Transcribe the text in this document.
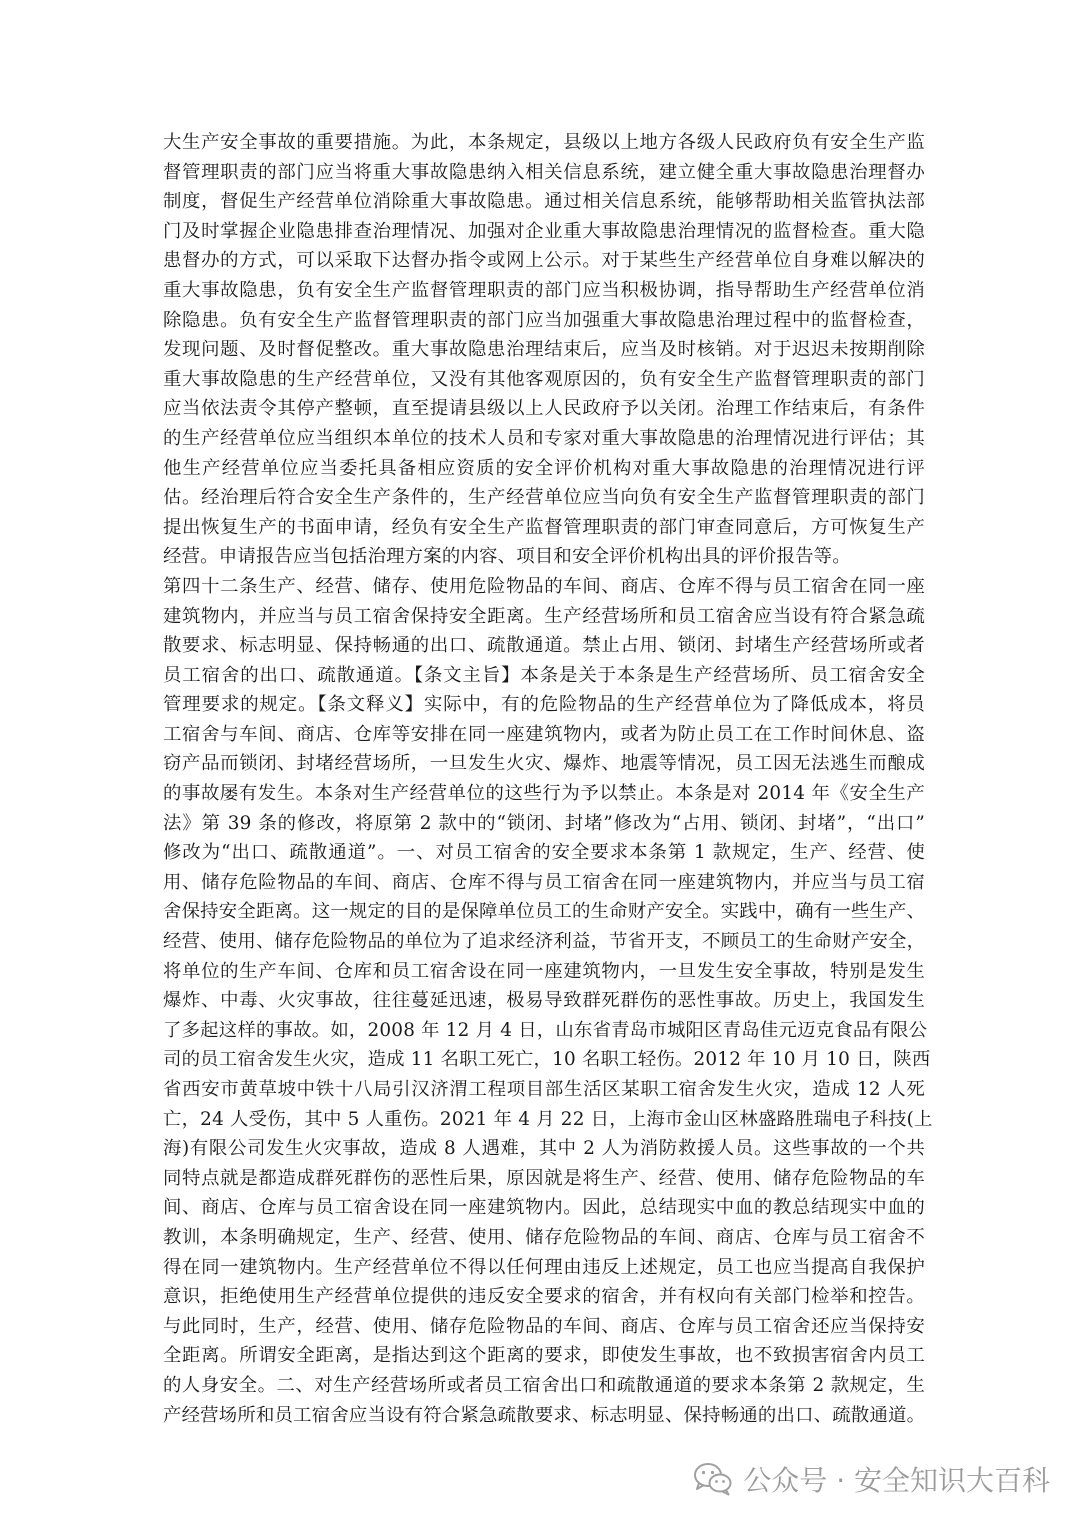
大生产安全事故的重要措施。为此，本条规定，县级以上地方各级人民政府负有安全生产监
督管理职责的部门应当将重大事故隐患纳入相关信息系统，建立健全重大事故隐患治理督办
制度，督促生产经营单位消除重大事故隐患。通过相关信息系统，能够帮助相关监管执法部
门及时掌握企业隐患排查治理情况、加强对企业重大事故隐患治理情况的监督检查。重大隐
患督办的方式，可以采取下达督办指令或网上公示。对于某些生产经营单位自身难以解决的
重大事故隐患，负有安全生产监督管理职责的部门应当积极协调，指导帮助生产经营单位消
除隐患。负有安全生产监督管理职责的部门应当加强重大事故隐患治理过程中的监督检查，
发现问题、及时督促整改。重大事故隐患治理结束后，应当及时核销。对于迟迟未按期削除
重大事故隐患的生产经营单位，又没有其他客观原因的，负有安全生产监督管理职责的部门
应当依法责令其停产整顿，直至提请县级以上人民政府予以关闭。治理工作结束后，有条件
的生产经营单位应当组织本单位的技术人员和专家对重大事故隐患的治理情况进行评估；其
他生产经营单位应当委托具备相应资质的安全评价机构对重大事故隐患的治理情况进行评
估。经治理后符合安全生产条件的，生产经营单位应当向负有安全生产监督管理职责的部门
提出恢复生产的书面申请，经负有安全生产监督管理职责的部门审查同意后，方可恢复生产
经营。申请报告应当包括治理方案的内容、项目和安全评价机构出具的评价报告等。
第四十二条生产、经营、储存、使用危险物品的车间、商店、仓库不得与员工宿舍在同一座
建筑物内，并应当与员工宿舍保持安全距离。生产经营场所和员工宿舍应当设有符合紧急疏
散要求、标志明显、保持畅通的出口、疏散通道。禁止占用、锁闭、封堵生产经营场所或者
员工宿舍的出口、疏散通道。【条文主旨】本条是关于本条是生产经营场所、员工宿舍安全
管理要求的规定。【条文释义】实际中，有的危险物品的生产经营单位为了降低成本，将员
工宿舍与车间、商店、仓库等安排在同一座建筑物内，或者为防止员工在工作时间休息、盗
窃产品而锁闭、封堵经营场所，一旦发生火灾、爆炸、地震等情况，员工因无法逃生而酿成
的事故屡有发生。本条对生产经营单位的这些行为予以禁止。本条是对 2014 年《安全生产
法》第 39 条的修改，将原第 2 款中的“锁闭、封堵”修改为“占用、锁闭、封堵”，“出口”
修改为“出口、疏散通道”。一、对员工宿舍的安全要求本条第 1 款规定，生产、经营、使
用、储存危险物品的车间、商店、仓库不得与员工宿舍在同一座建筑物内，并应当与员工宿
舍保持安全距离。这一规定的目的是保障单位员工的生命财产安全。实践中，确有一些生产、
经营、使用、储存危险物品的单位为了追求经济利益，节省开支，不顾员工的生命财产安全，
将单位的生产车间、仓库和员工宿舍设在同一座建筑物内，一旦发生安全事故，特别是发生
爆炸、中毒、火灾事故，往往蔓延迅速，极易导致群死群伤的恶性事故。历史上，我国发生
了多起这样的事故。如，2008 年 12 月 4 日，山东省青岛市城阳区青岛佳元迈克食品有限公
司的员工宿舍发生火灾，造成 11 名职工死亡，10 名职工轻伤。2012 年 10 月 10 日，陕西
省西安市黄草坡中铁十八局引汉济渭工程项目部生活区某职工宿舍发生火灾，造成 12 人死
亡，24 人受伤，其中 5 人重伤。2021 年 4 月 22 日，上海市金山区林盛路胜瑞电子科技(上
海)有限公司发生火灾事故，造成 8 人遇难，其中 2 人为消防救援人员。这些事故的一个共
同特点就是都造成群死群伤的恶性后果，原因就是将生产、经营、使用、储存危险物品的车
间、商店、仓库与员工宿舍设在同一座建筑物内。因此，总结现实中血的教总结现实中血的
教训，本条明确规定，生产、经营、使用、储存危险物品的车间、商店、仓库与员工宿舍不
得在同一建筑物内。生产经营单位不得以任何理由违反上述规定，员工也应当提高自我保护
意识，拒绝使用生产经营单位提供的违反安全要求的宿舍，并有权向有关部门检举和控告。
与此同时，生产，经营、使用、储存危险物品的车间、商店、仓库与员工宿舍还应当保持安
全距离。所谓安全距离，是指达到这个距离的要求，即使发生事故，也不致损害宿舍内员工
的人身安全。二、对生产经营场所或者员工宿舍出口和疏散通道的要求本条第 2 款规定，生
产经营场所和员工宿舍应当设有符合紧急疏散要求、标志明显、保持畅通的出口、疏散通道。
公众号 · 安全知识大百科
